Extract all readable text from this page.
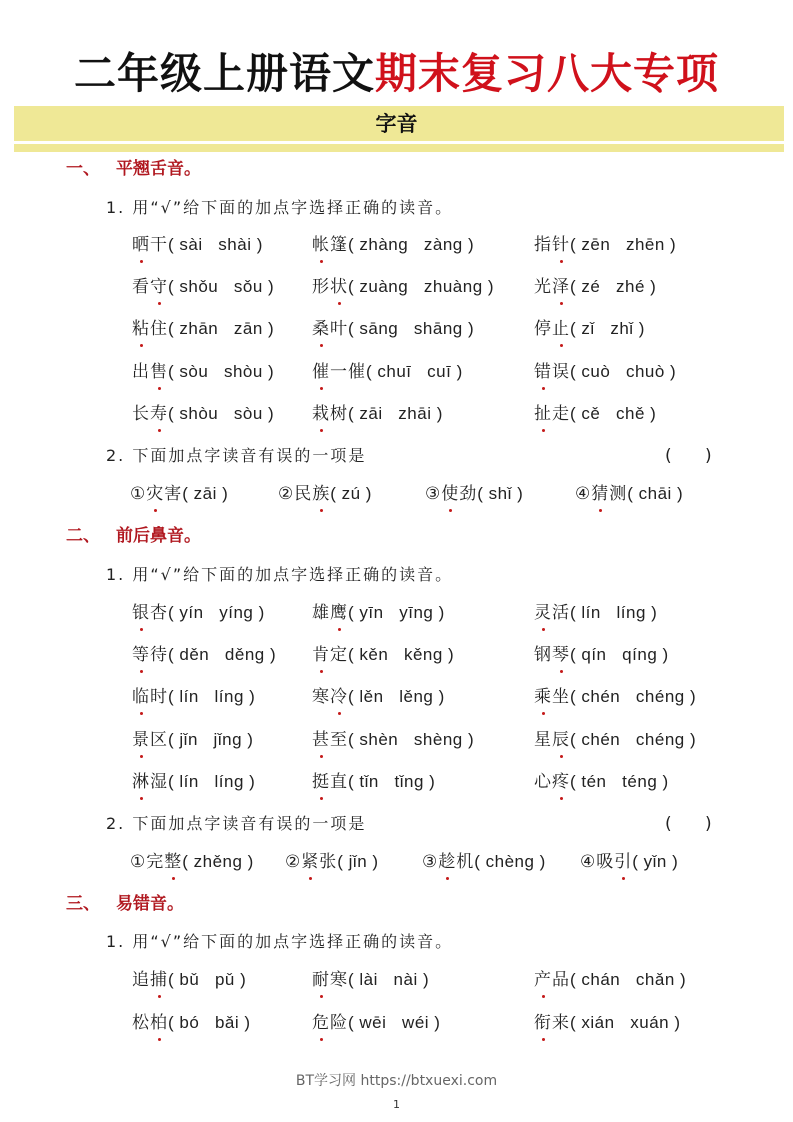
二年级上册语文期末复习八大专项
字音
一、 平翘舌音。
1. 用“√”给下面的加点字选择正确的读音。
晒干( sài   shài )	帐篷( zhàng   zàng )	指针( zēn   zhēn )
看守( shǒu   sǒu ) 形状( zuàng   zhuàng ) 光泽( zé   zhé )
粘住( zhān   zān ) 桑叶( sāng   shāng )	停止( zǐ   zhǐ )
出售( sòu   shòu ) 催一催( chuī   cuī )	错误( cuò   chuò )
长寿( shòu   sòu ) 栽树( zāi   zhāi )	扯走( cě   chě )
2. 下面加点字读音有误的一项是	( )
①灾害( zāi )	②民族( zú )	③使劲( shǐ )	④猜测( chāi )
二、 前后鼻音。
1. 用“√”给下面的加点字选择正确的读音。
银杏( yín   yíng )	雄鹰( yīn   yīng )	灵活( lín   líng )
等待( děn   děng ) 肯定( kěn   kěng )	钢琴( qín   qíng )
临时( lín   líng )	寒冷( lěn   lěng )	乘坐( chén   chéng )
景区( jǐn   jǐng )	甚至( shèn   shèng )	星辰( chén   chéng )
淋湿( lín   líng )	挺直( tǐn   tǐng )	心疼( tén   téng )
2. 下面加点字读音有误的一项是	( )
①完整( zhěng ) ②紧张( jǐn )	③趁机( chèng ) ④吸引( yǐn )
三、 易错音。
1. 用“√”给下面的加点字选择正确的读音。
追捕( bǔ   pǔ )	耐寒( lài   nài )	产品( chán   chǎn )
松柏( bó   bǎi )	危险( wēi   wéi )	衔来( xián   xuán )
BT学习网 https://btxuexi.com
1
